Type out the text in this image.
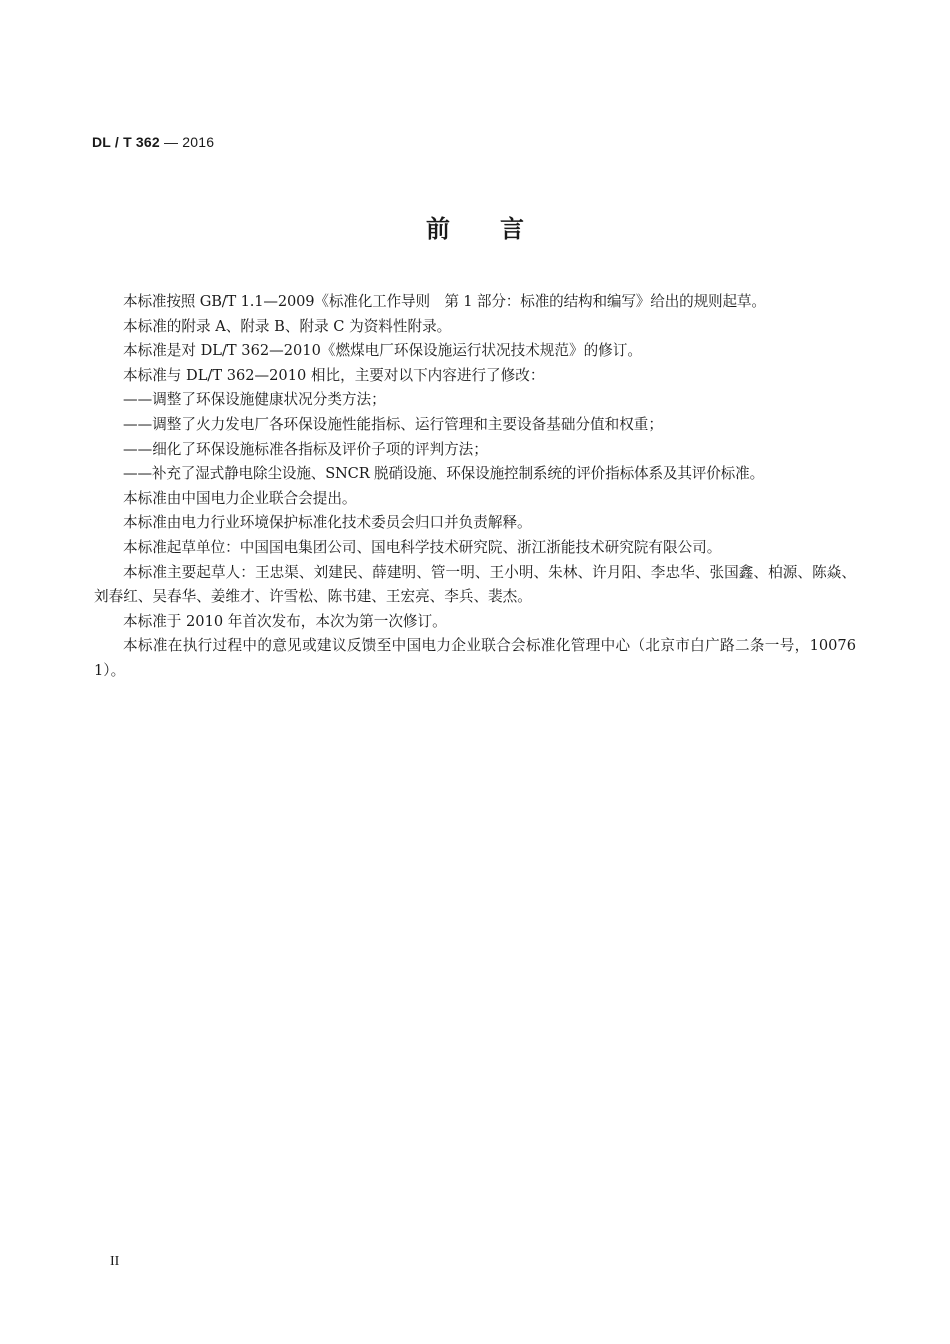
DL / T 362 — 2016
前言

本标准按照 GB/T 1.1—2009《标准化工作导则　第 1 部分：标准的结构和编写》给出的规则起草。

本标准的附录 A、附录 B、附录 C 为资料性附录。

本标准是对 DL/T 362—2010《燃煤电厂环保设施运行状况技术规范》的修订。

本标准与 DL/T 362—2010 相比，主要对以下内容进行了修改：

——调整了环保设施健康状况分类方法；

——调整了火力发电厂各环保设施性能指标、运行管理和主要设备基础分值和权重；

——细化了环保设施标准各指标及评价子项的评判方法；

——补充了湿式静电除尘设施、SNCR 脱硝设施、环保设施控制系统的评价指标体系及其评价标准。

本标准由中国电力企业联合会提出。

本标准由电力行业环境保护标准化技术委员会归口并负责解释。

本标准起草单位：中国国电集团公司、国电科学技术研究院、浙江浙能技术研究院有限公司。

本标准主要起草人：王忠渠、刘建民、薛建明、管一明、王小明、朱林、许月阳、李忠华、张国鑫、柏源、陈焱、刘春红、吴春华、姜维才、许雪松、陈书建、王宏亮、李兵、裴杰。

本标准于 2010 年首次发布，本次为第一次修订。

本标准在执行过程中的意见或建议反馈至中国电力企业联合会标准化管理中心（北京市白广路二条一号，100761）。

II
